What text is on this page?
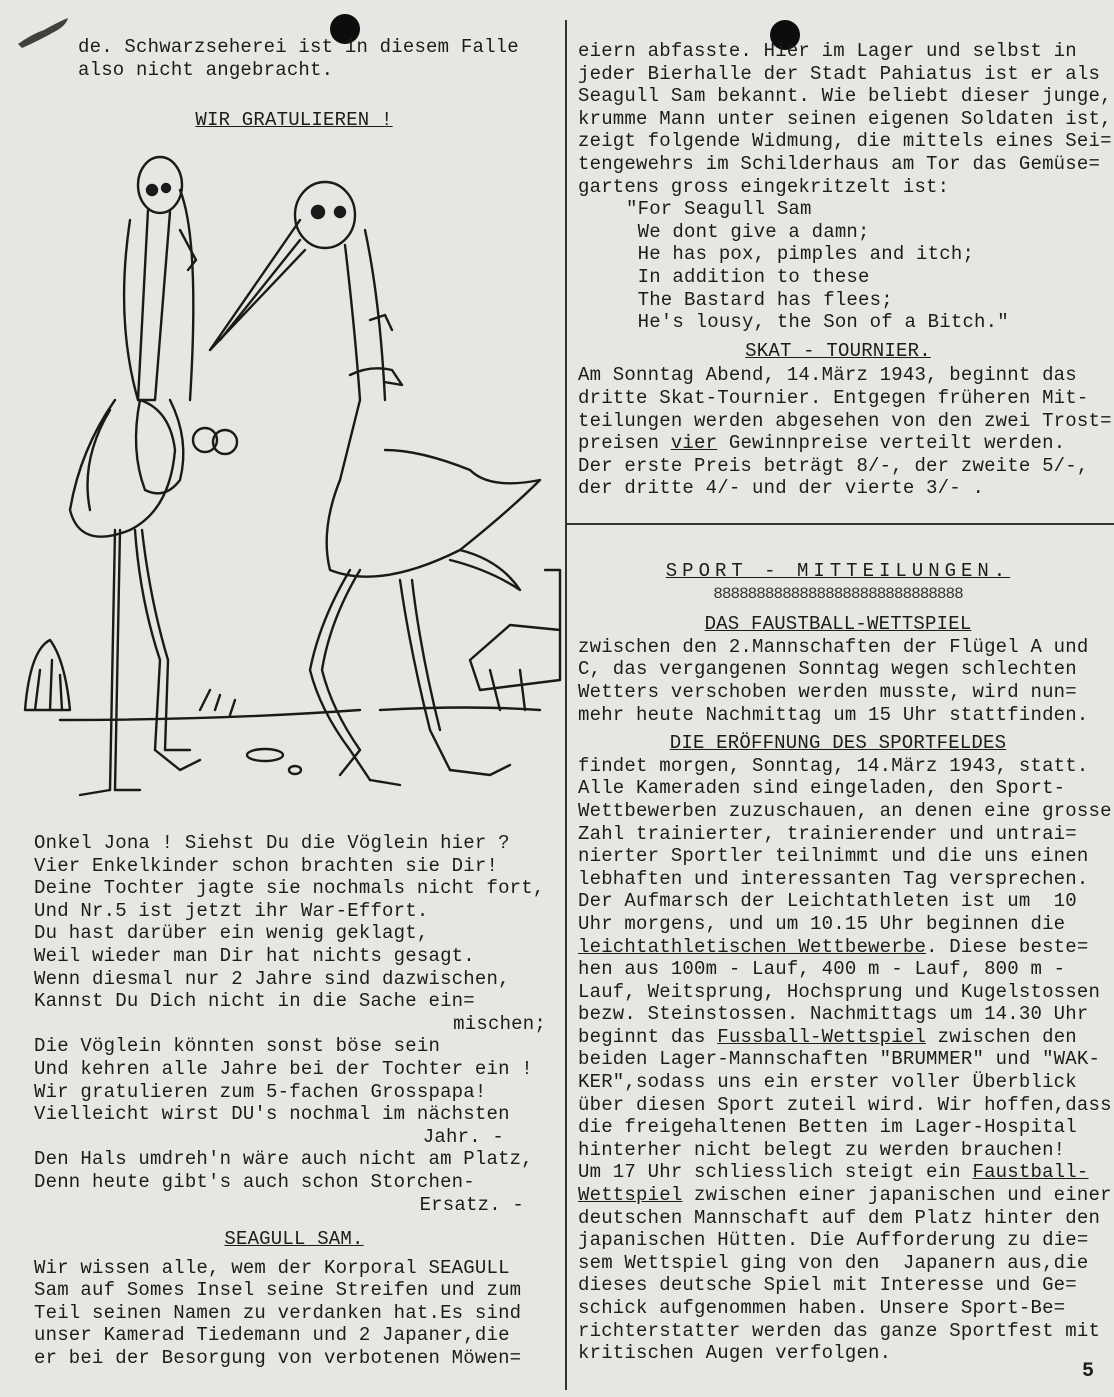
de. Schwarzseherei ist in diesem Falle
also nicht angebracht.
WIR GRATULIEREN !
Onkel Jona ! Siehst Du die Vöglein hier ?
Vier Enkelkinder schon brachten sie Dir!
Deine Tochter jagte sie nochmals nicht fort,
Und Nr.5 ist jetzt ihr War-Effort.
Du hast darüber ein wenig geklagt,
Weil wieder man Dir hat nichts gesagt.
Wenn diesmal nur 2 Jahre sind dazwischen,
Kannst Du Dich nicht in die Sache ein=
mischen;
Die Vöglein könnten sonst böse sein
Und kehren alle Jahre bei der Tochter ein !
Wir gratulieren zum 5-fachen Grosspapa!
Vielleicht wirst DU's nochmal im nächsten
Jahr. -
Den Hals umdreh'n wäre auch nicht am Platz,
Denn heute gibt's auch schon Storchen-
Ersatz. -
SEAGULL SAM.
Wir wissen alle, wem der Korporal SEAGULL
Sam auf Somes Insel seine Streifen und zum
Teil seinen Namen zu verdanken hat.Es sind
unser Kamerad Tiedemann und 2 Japaner,die
er bei der Besorgung von verbotenen Möwen=
eiern abfasste. Hier im Lager und selbst in
jeder Bierhalle der Stadt Pahiatus ist er als
Seagull Sam bekannt. Wie beliebt dieser junge,
krumme Mann unter seinen eigenen Soldaten ist,
zeigt folgende Widmung, die mittels eines Sei=
tengewehrs im Schilderhaus am Tor das Gemüse=
gartens gross eingekritzelt ist:
"For Seagull Sam
We dont give a damn;
He has pox, pimples and itch;
In addition to these
The Bastard has flees;
He's lousy, the Son of a Bitch."
SKAT - TOURNIER.
Am Sonntag Abend, 14.März 1943, beginnt das
dritte Skat-Tournier. Entgegen früheren Mit-
teilungen werden abgesehen von den zwei Trost=
preisen vier Gewinnpreise verteilt werden.
Der erste Preis beträgt 8/-, der zweite 5/-,
der dritte 4/- und der vierte 3/- .
SPORT - MITTEILUNGEN.
88888888888888888888888888888
DAS FAUSTBALL-WETTSPIEL
zwischen den 2.Mannschaften der Flügel A und
C, das vergangenen Sonntag wegen schlechten
Wetters verschoben werden musste, wird nun=
mehr heute Nachmittag um 15 Uhr stattfinden.
DIE ERÖFFNUNG DES SPORTFELDES
findet morgen, Sonntag, 14.März 1943, statt.
Alle Kameraden sind eingeladen, den Sport-
Wettbewerben zuzuschauen, an denen eine grosse
Zahl trainierter, trainierender und untrai=
nierter Sportler teilnimmt und die uns einen
lebhaften und interessanten Tag versprechen.
Der Aufmarsch der Leichtathleten ist um  10
Uhr morgens, und um 10.15 Uhr beginnen die
leichtathletischen Wettbewerbe. Diese beste=
hen aus 100m - Lauf, 400 m - Lauf, 800 m -
Lauf, Weitsprung, Hochsprung und Kugelstossen
bezw. Steinstossen. Nachmittags um 14.30 Uhr
beginnt das Fussball-Wettspiel zwischen den
beiden Lager-Mannschaften "BRUMMER" und "WAK-
KER",sodass uns ein erster voller Überblick
über diesen Sport zuteil wird. Wir hoffen,dass
die freigehaltenen Betten im Lager-Hospital
hinterher nicht belegt zu werden brauchen!
Um 17 Uhr schliesslich steigt ein Faustball-
Wettspiel zwischen einer japanischen und einer
deutschen Mannschaft auf dem Platz hinter den
japanischen Hütten. Die Aufforderung zu die=
sem Wettspiel ging von den  Japanern aus,die
dieses deutsche Spiel mit Interesse und Ge=
schick aufgenommen haben. Unsere Sport-Be=
richterstatter werden das ganze Sportfest mit
kritischen Augen verfolgen.
5
